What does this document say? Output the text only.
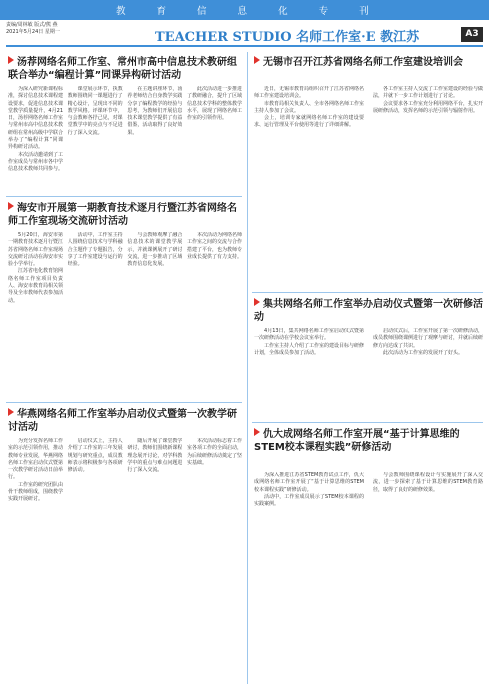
教 育 信 息 化 专 刊
责编/周林敏 版式/熊 燕
2021年5月24日 星期一	TEACHER STUDIO 名师工作室·E 教江苏	A3
汤荐网络名师工作室、常州市高中信息技术教研组联合举办“编程计算”同课异构研讨活动

为深入研究新课程标准，探讨信息技术课程建设要求，促进信息技术课堂教学质量提升，4月21日，汤荐网络名师工作室与常州市高中信息技术教研组在常州高级中学联合举办了“编程计算”同课异构研讨活动。

本次活动邀请到了工作室成员与常州市各中学信息技术教师共同参与。

课堂展示环节，执教教师围绕同一课题进行了精心设计，呈现出不同的教学风格。评课环节中，与会教师各抒己见，对课堂教学中的亮点与不足进行了深入交流。

在主题讲座环节，汤荐老师结合自身教学实践分享了编程教学的经验与思考，为教师们开展信息技术课堂教学提供了有益借鉴，活动取得了良好效果。

此次活动进一步推进了教研融合，提升了区域信息技术学科的整体教学水平，展现了网络名师工作室的引领作用。

海安市开展第一期教育技术逐月行暨江苏省网络名师工作室现场交流研讨活动

5月20日，海安市第一期教育技术逐月行暨江苏省网络名师工作室现场交流研讨活动在海安市实验小学举行。

江苏省电化教育馆网络名师工作室项目负责人、海安市教育局相关领导及全市教师代表参加活动。

活动中，工作室主持人围绕信息技术与学科融合主题作了专题报告，分享了工作室建设与运行的经验。

与会教师观摩了融合信息技术的课堂教学展示，并就课例展开了研讨交流，进一步推动了区域教育信息化发展。

本次活动为网络名师工作室之间的交流与合作搭建了平台，也为教师专业成长提供了有力支持。

华燕网络名师工作室举办启动仪式暨第一次教学研讨活动

为充分发挥名师工作室的示范引领作用，推动教师专业发展，华燕网络名师工作室启动仪式暨第一次教学研讨活动日前举行。

工作室的研究团队由骨干教师组成，围绕教学实践开展研讨。

启动仪式上，主持人介绍了工作室的三年发展规划与研究重点，成员教师表示将积极参与各项研修活动。

随后开展了课堂教学研讨，教师们围绕新课程理念展开讨论，对学科教学中的重点与难点问题进行了深入交流。

本次活动标志着工作室各项工作的全面启动，为后续研修活动奠定了坚实基础。

无锡市召开江苏省网络名师工作室建设培训会

近日，无锡市教育局组织召开了江苏省网络名师工作室建设培训会。

市教育局相关负责人、全市各网络名师工作室主持人参加了会议。

会上，培训专家就网络名师工作室的建设要求、运行管理及平台使用等进行了详细讲解。

各工作室主持人交流了工作室建设的经验与做法，并就下一步工作计划进行了讨论。

会议要求各工作室充分利用网络平台，扎实开展研修活动，发挥名师的示范引领与辐射作用。

集共网络名师工作室举办启动仪式暨第一次研修活动

4月13日，集共网络名师工作室启动仪式暨第一次研修活动在学校会议室举行。

工作室主持人介绍了工作室的建设目标与研修计划，全体成员参加了活动。

启动仪式后，工作室开展了第一次研修活动，成员教师围绕课例进行了观摩与研讨，并就后续研修方向达成了共识。

此次活动为工作室的发展开了好头。

仇大成网络名师工作室开展“基于计算思维的STEM校本课程实践”研修活动

为深入推进江苏省STEM教育试点工作，仇大成网络名师工作室开展了“基于计算思维的STEM校本课程实践”研修活动。

活动中，工作室成员展示了STEM校本课程的实践案例。

与会教师围绕课程设计与实施展开了深入交流，进一步探索了基于计算思维的STEM教育路径，取得了良好的研修效果。
